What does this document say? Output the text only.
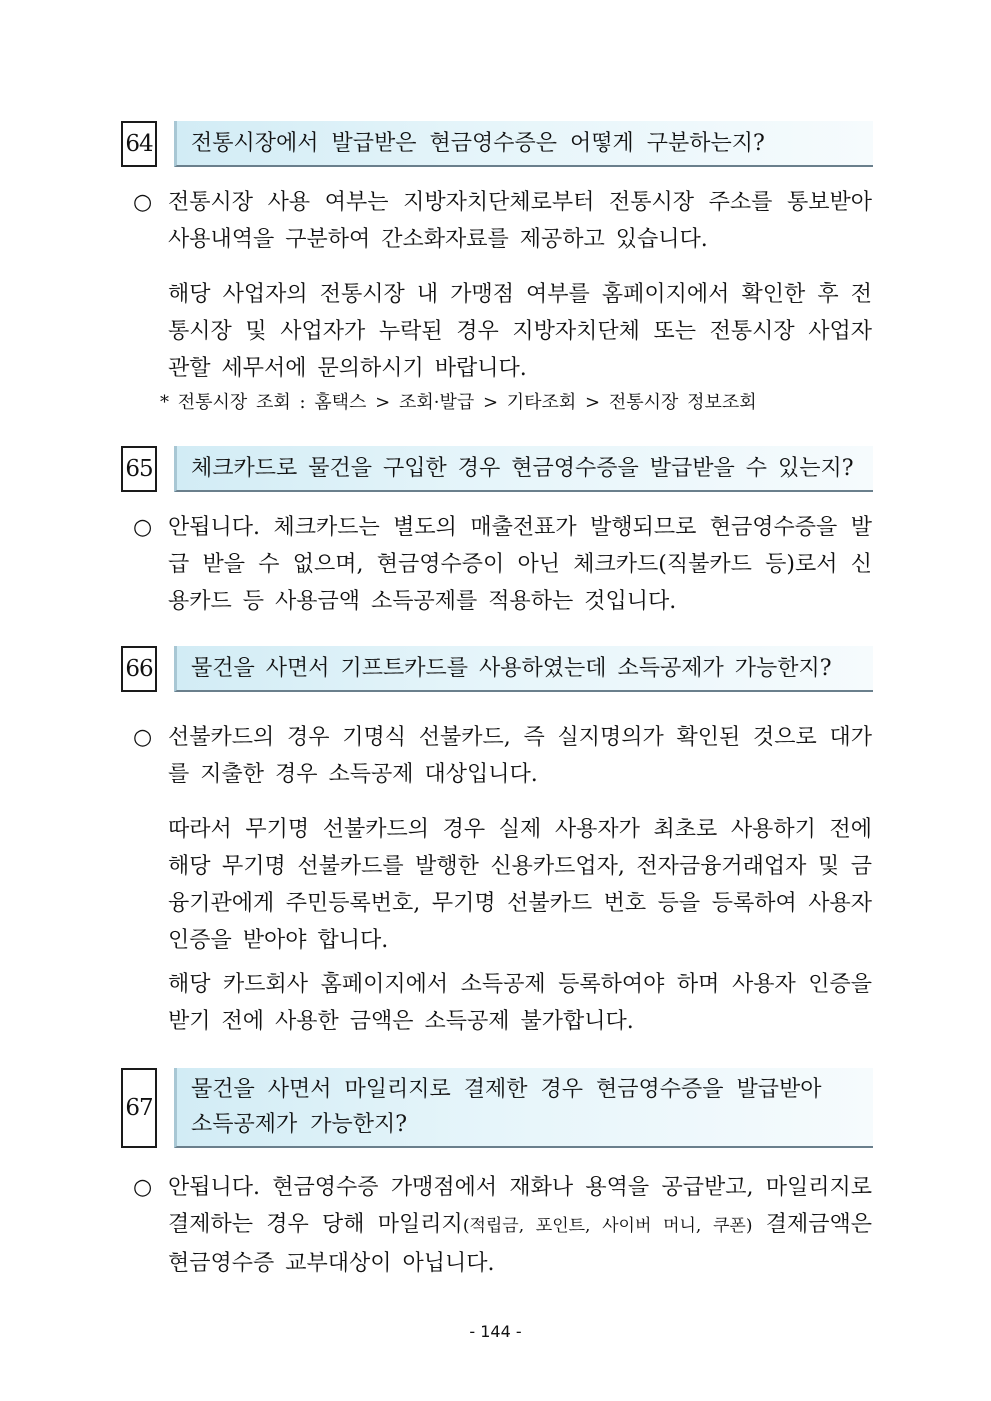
64	전통시장에서 발급받은 현금영수증은 어떻게 구분하는지?
○ 전통시장 사용 여부는 지방자치단체로부터 전통시장 주소를 통보받아 사용내역을 구분하여 간소화자료를 제공하고 있습니다.
해당 사업자의 전통시장 내 가맹점 여부를 홈페이지에서 확인한 후 전통시장 및 사업자가 누락된 경우 지방자치단체 또는 전통시장 사업자 관할 세무서에 문의하시기 바랍니다.
* 전통시장 조회 : 홈택스 > 조회·발급 > 기타조회 > 전통시장 정보조회
65	체크카드로 물건을 구입한 경우 현금영수증을 발급받을 수 있는지?
○ 안됩니다. 체크카드는 별도의 매출전표가 발행되므로 현금영수증을 발급 받을 수 없으며, 현금영수증이 아닌 체크카드(직불카드 등)로서 신용카드 등 사용금액 소득공제를 적용하는 것입니다.
66	물건을 사면서 기프트카드를 사용하였는데 소득공제가 가능한지?
○ 선불카드의 경우 기명식 선불카드, 즉 실지명의가 확인된 것으로 대가를 지출한 경우 소득공제 대상입니다.
따라서 무기명 선불카드의 경우 실제 사용자가 최초로 사용하기 전에 해당 무기명 선불카드를 발행한 신용카드업자, 전자금융거래업자 및 금융기관에게 주민등록번호, 무기명 선불카드 번호 등을 등록하여 사용자 인증을 받아야 합니다.
해당 카드회사 홈페이지에서 소득공제 등록하여야 하며 사용자 인증을 받기 전에 사용한 금액은 소득공제 불가합니다.
67
물건을 사면서 마일리지로 결제한 경우 현금영수증을 발급받아
소득공제가 가능한지?
○ 안됩니다. 현금영수증 가맹점에서 재화나 용역을 공급받고, 마일리지로 결제하는 경우 당해 마일리지(적립금, 포인트, 사이버 머니, 쿠폰) 결제금액은 현금영수증 교부대상이 아닙니다.
- 144 -
